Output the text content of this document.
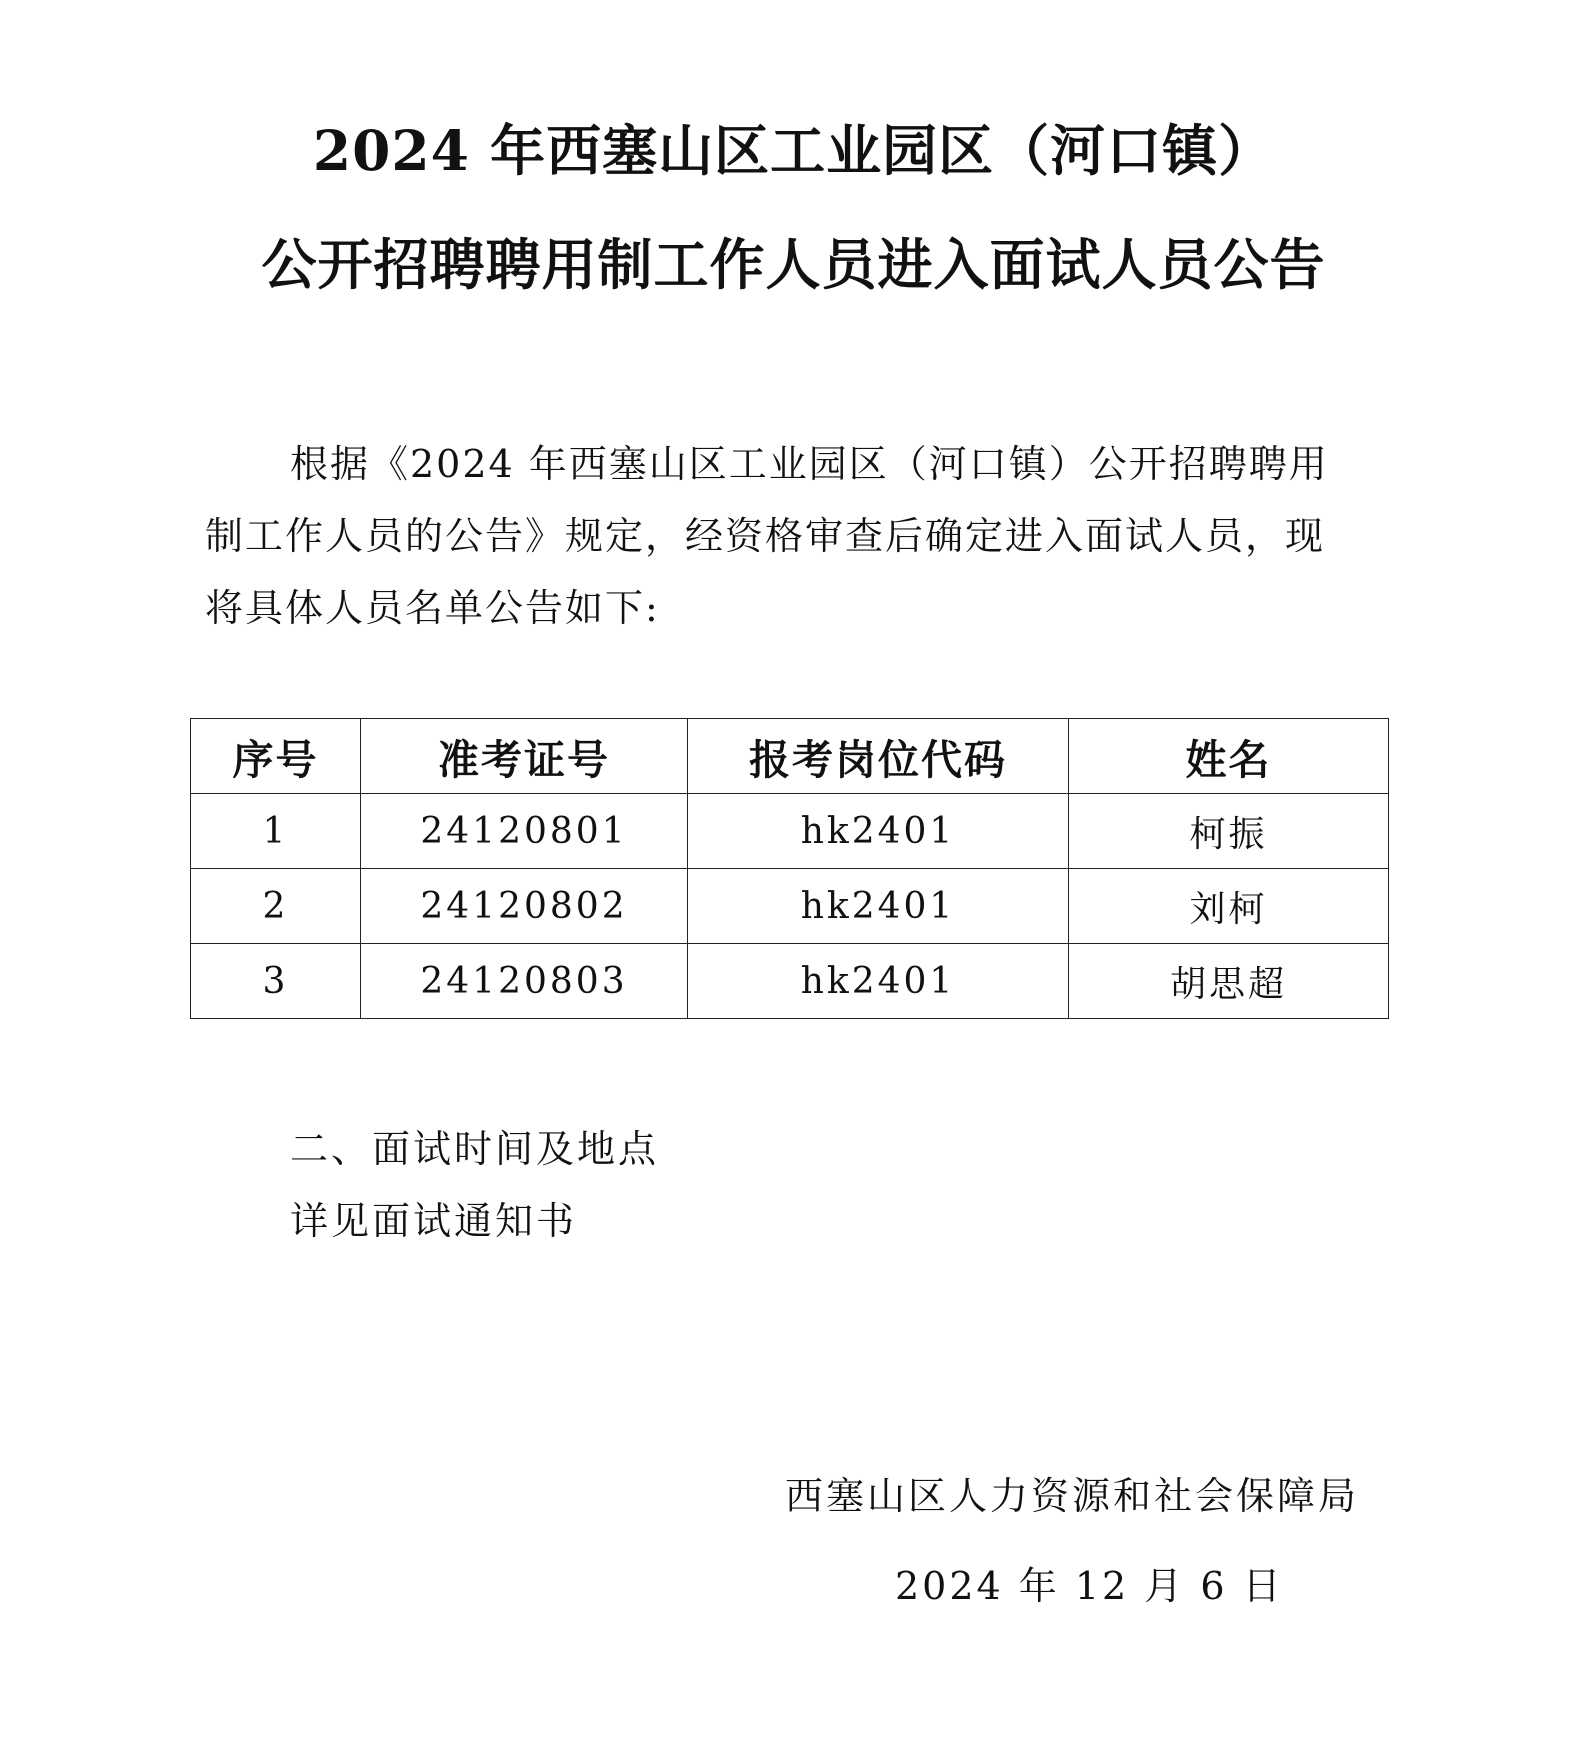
2024 年西塞山区工业园区（河口镇）
公开招聘聘用制工作人员进入面试人员公告
根据《2024 年西塞山区工业园区（河口镇）公开招聘聘用
制工作人员的公告》规定，经资格审查后确定进入面试人员，现
将具体人员名单公告如下:
序号	准考证号	报考岗位代码	姓名
1	24120801	hk2401	柯振
2	24120802	hk2401	刘柯
3	24120803	hk2401	胡思超
二、面试时间及地点
详见面试通知书
西塞山区人力资源和社会保障局
2024 年 12 月 6 日
